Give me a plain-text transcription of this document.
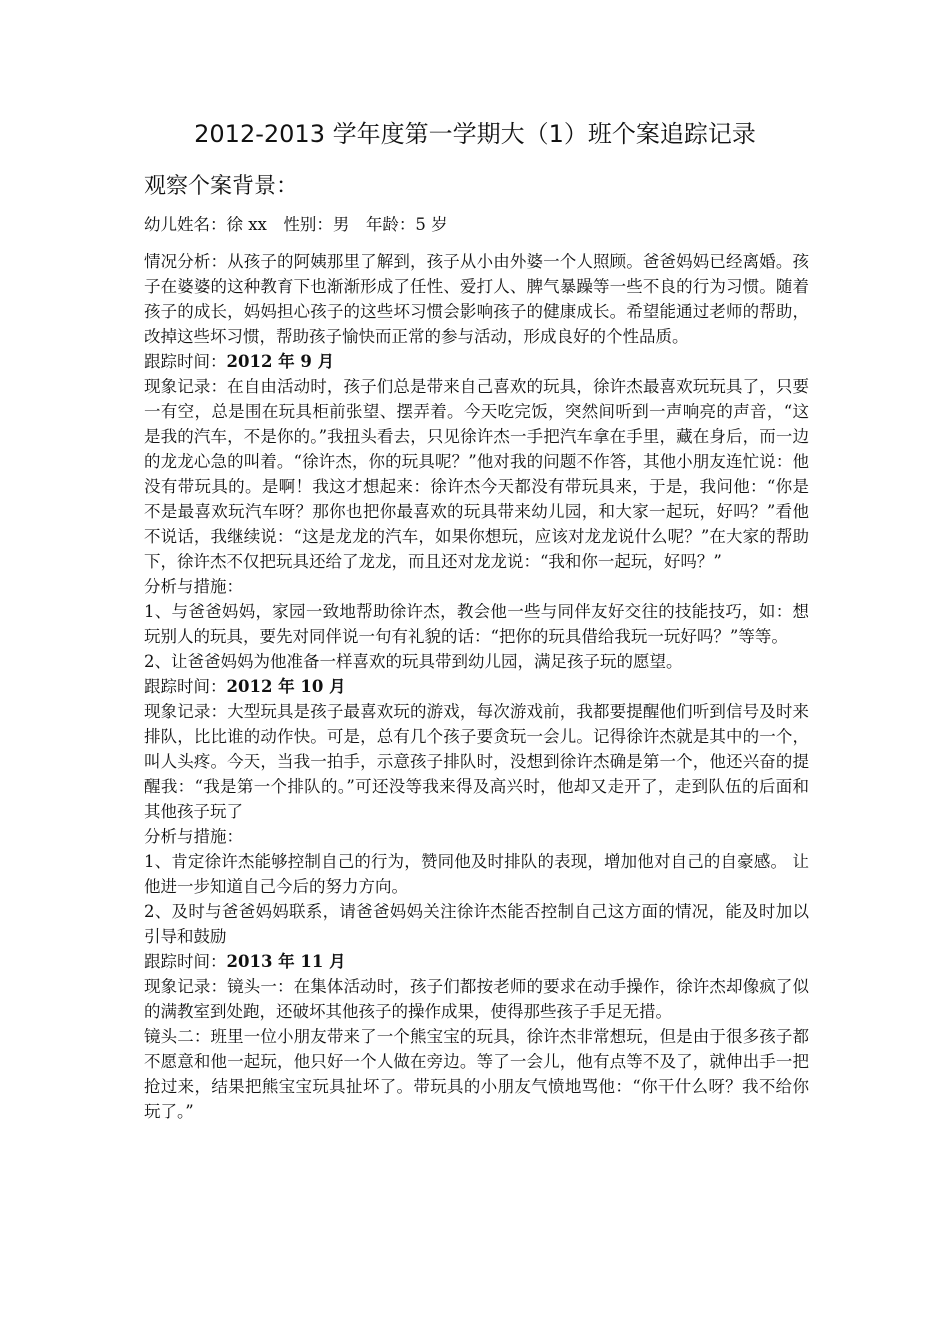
2012-2013 学年度第一学期大（1）班个案追踪记录
观察个案背景：

幼儿姓名：徐 xx　性别：男　年龄：5 岁

情况分析：从孩子的阿姨那里了解到，孩子从小由外婆一个人照顾。爸爸妈妈已经离婚。孩子在婆婆的这种教育下也渐渐形成了任性、爱打人、脾气暴躁等一些不良的行为习惯。随着孩子的成长，妈妈担心孩子的这些坏习惯会影响孩子的健康成长。希望能通过老师的帮助，改掉这些坏习惯，帮助孩子愉快而正常的参与活动，形成良好的个性品质。

跟踪时间：2012 年 9 月

现象记录：在自由活动时，孩子们总是带来自己喜欢的玩具，徐许杰最喜欢玩玩具了，只要一有空，总是围在玩具柜前张望、摆弄着。今天吃完饭，突然间听到一声响亮的声音，“这是我的汽车，不是你的。”我扭头看去，只见徐许杰一手把汽车拿在手里，藏在身后，而一边的龙龙心急的叫着。“徐许杰，你的玩具呢？”他对我的问题不作答，其他小朋友连忙说：他没有带玩具的。是啊！我这才想起来：徐许杰今天都没有带玩具来，于是，我问他：“你是不是最喜欢玩汽车呀？那你也把你最喜欢的玩具带来幼儿园，和大家一起玩，好吗？”看他不说话，我继续说：“这是龙龙的汽车，如果你想玩，应该对龙龙说什么呢？”在大家的帮助下，徐许杰不仅把玩具还给了龙龙，而且还对龙龙说：“我和你一起玩，好吗？”

分析与措施：

1、与爸爸妈妈，家园一致地帮助徐许杰，教会他一些与同伴友好交往的技能技巧，如：想玩别人的玩具，要先对同伴说一句有礼貌的话：“把你的玩具借给我玩一玩好吗？”等等。

2、让爸爸妈妈为他准备一样喜欢的玩具带到幼儿园，满足孩子玩的愿望。

跟踪时间：2012 年 10 月

现象记录：大型玩具是孩子最喜欢玩的游戏，每次游戏前，我都要提醒他们听到信号及时来排队，比比谁的动作快。可是，总有几个孩子要贪玩一会儿。记得徐许杰就是其中的一个，叫人头疼。今天，当我一拍手，示意孩子排队时，没想到徐许杰确是第一个，他还兴奋的提醒我：“我是第一个排队的。”可还没等我来得及高兴时，他却又走开了，走到队伍的后面和其他孩子玩了

分析与措施：

1、肯定徐许杰能够控制自己的行为，赞同他及时排队的表现，增加他对自己的自豪感。 让他进一步知道自己今后的努力方向。

2、及时与爸爸妈妈联系，请爸爸妈妈关注徐许杰能否控制自己这方面的情况，能及时加以引导和鼓励

跟踪时间：2013 年 11 月

现象记录：镜头一：在集体活动时，孩子们都按老师的要求在动手操作，徐许杰却像疯了似的满教室到处跑，还破坏其他孩子的操作成果，使得那些孩子手足无措。

镜头二：班里一位小朋友带来了一个熊宝宝的玩具，徐许杰非常想玩，但是由于很多孩子都不愿意和他一起玩，他只好一个人做在旁边。等了一会儿，他有点等不及了，就伸出手一把抢过来，结果把熊宝宝玩具扯坏了。带玩具的小朋友气愤地骂他：“你干什么呀？我不给你玩了。”
